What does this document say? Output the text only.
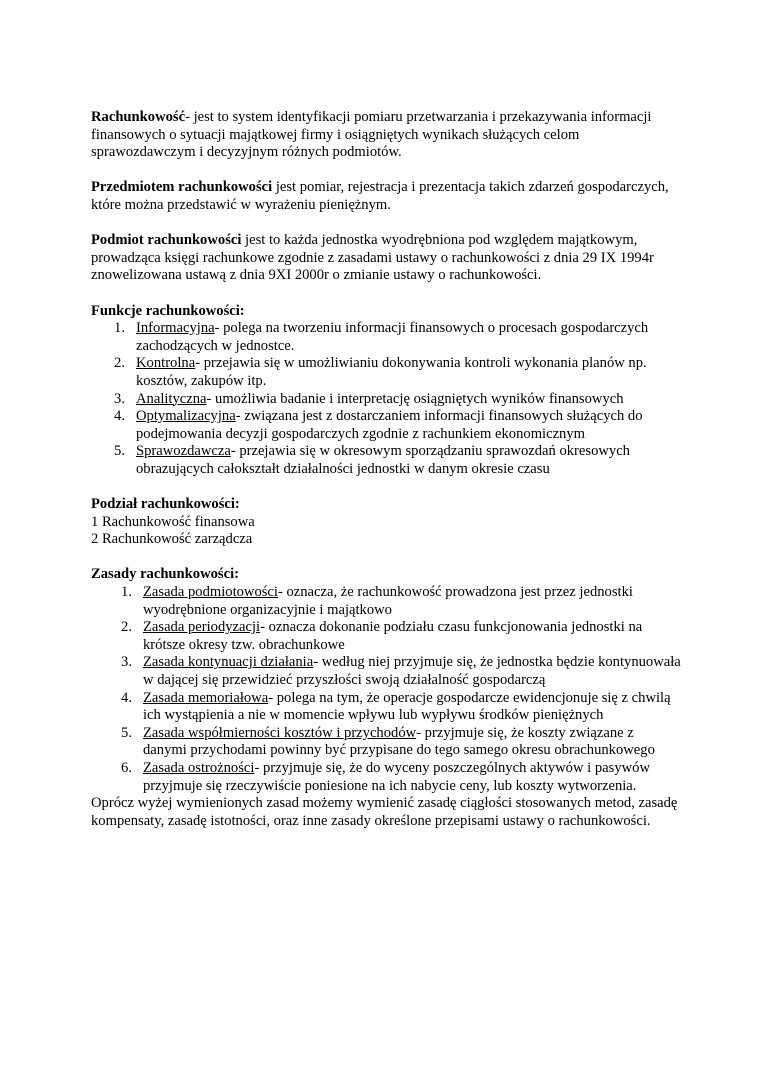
Rachunkowość- jest to system identyfikacji pomiaru przetwarzania i przekazywania informacji finansowych o sytuacji majątkowej firmy i osiągniętych wynikach służących celom sprawozdawczym i decyzyjnym różnych podmiotów.

Przedmiotem rachunkowości jest pomiar, rejestracja i prezentacja takich zdarzeń gospodarczych, które można przedstawić w wyrażeniu pieniężnym.

Podmiot rachunkowości jest to każda jednostka wyodrębniona pod względem majątkowym, prowadząca księgi rachunkowe zgodnie z zasadami ustawy o rachunkowości z dnia 29 IX 1994r znowelizowana ustawą z dnia 9XI 2000r o zmianie ustawy o rachunkowości.

Funkcje rachunkowości:

1. Informacyjna- polega na tworzeniu informacji finansowych o procesach gospodarczych zachodzących w jednostce.
2. Kontrolna- przejawia się w umożliwianiu dokonywania kontroli wykonania planów np. kosztów, zakupów itp.
3. Analityczna- umożliwia badanie i interpretację osiągniętych wyników finansowych
4. Optymalizacyjna- związana jest z dostarczaniem informacji finansowych służących do podejmowania decyzji gospodarczych zgodnie z rachunkiem ekonomicznym
5. Sprawozdawcza- przejawia się w okresowym sporządzaniu sprawozdań okresowych obrazujących całokształt działalności jednostki w danym okresie czasu

Podział rachunkowości:

1 Rachunkowość finansowa

2 Rachunkowość zarządcza

Zasady rachunkowości:

1. Zasada podmiotowości- oznacza, że rachunkowość prowadzona jest przez jednostki wyodrębnione organizacyjnie i majątkowo
2. Zasada periodyzacji- oznacza dokonanie podziału czasu funkcjonowania jednostki na krótsze okresy tzw. obrachunkowe
3. Zasada kontynuacji działania- według niej przyjmuje się, że jednostka będzie kontynuowała w dającej się przewidzieć przyszłości swoją działalność gospodarczą
4. Zasada memoriałowa- polega na tym, że operacje gospodarcze ewidencjonuje się z chwilą ich wystąpienia a nie w momencie wpływu lub wypływu środków pieniężnych
5. Zasada współmierności kosztów i przychodów- przyjmuje się, że koszty związane z danymi przychodami powinny być przypisane do tego samego okresu obrachunkowego
6. Zasada ostrożności- przyjmuje się, że do wyceny poszczególnych aktywów i pasywów przyjmuje się rzeczywiście poniesione na ich nabycie ceny, lub koszty wytworzenia.

Oprócz wyżej wymienionych zasad możemy wymienić zasadę ciągłości stosowanych metod, zasadę kompensaty, zasadę istotności, oraz inne zasady określone przepisami ustawy o rachunkowości.
